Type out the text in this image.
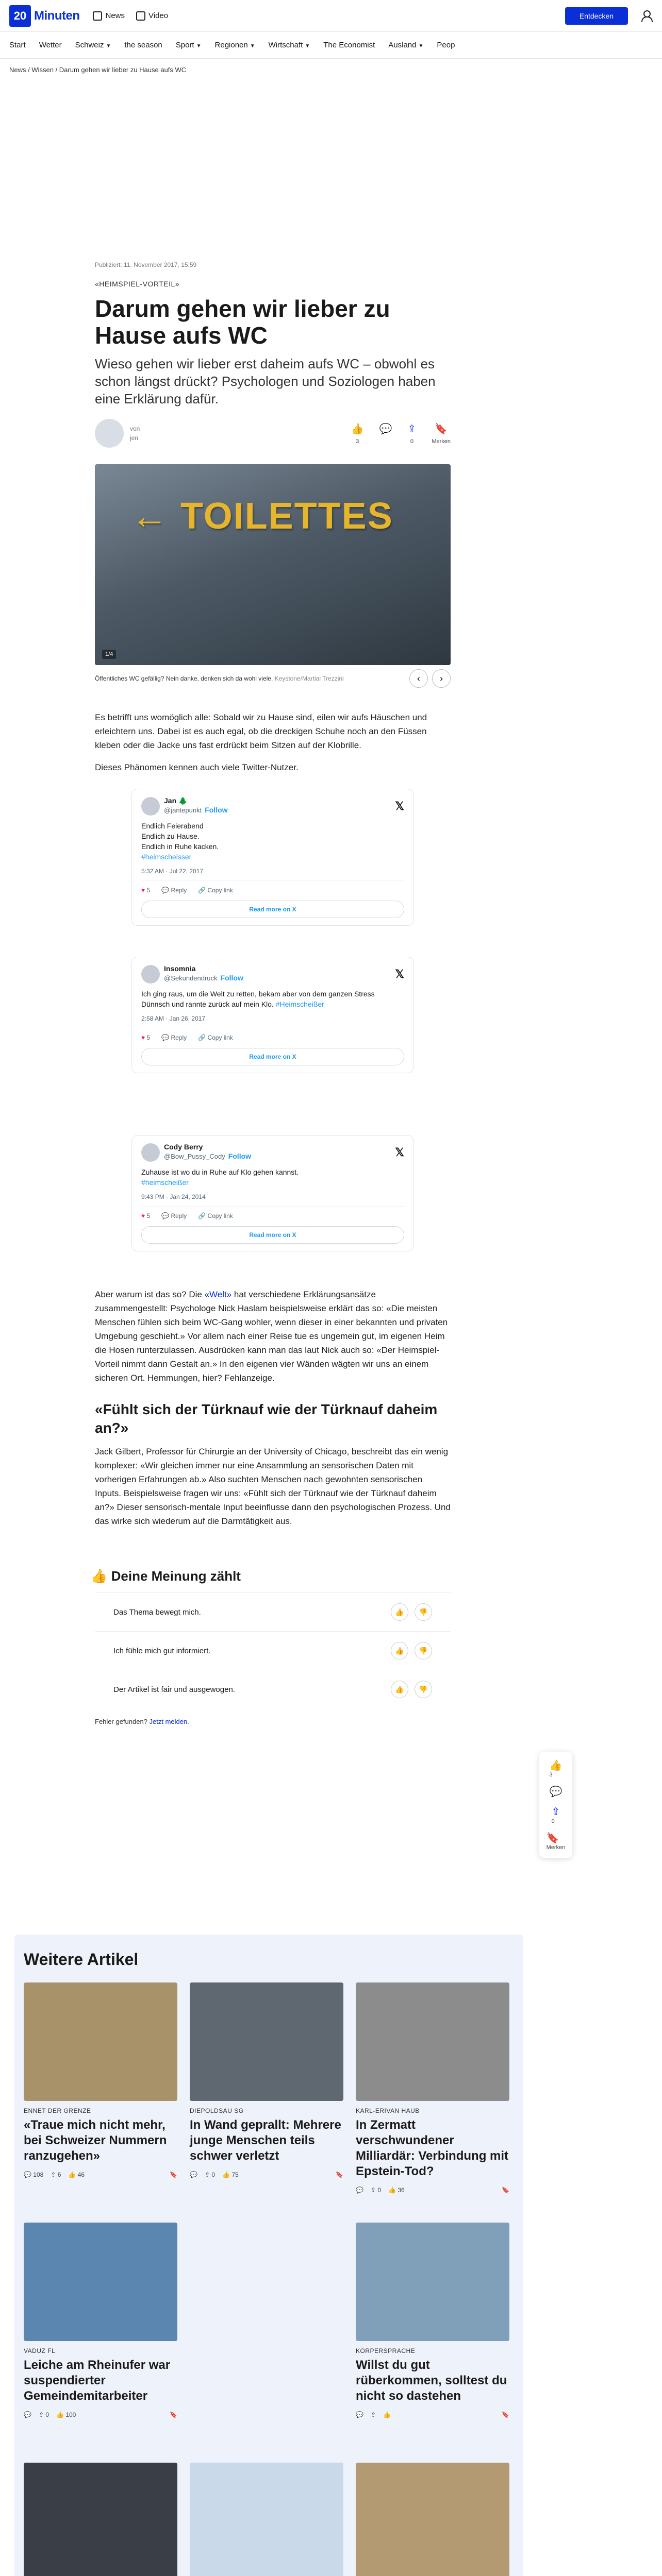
20 Minuten	News	Video	Entdecken
Start Wetter Schweiz ▼ the season Sport ▼ Regionen ▼ Wirtschaft ▼ The Economist Ausland ▼ Peop
News / Wissen / Darum gehen wir lieber zu Hause aufs WC
Publiziert: 11. November 2017, 15:59
«HEIMSPIEL-VORTEIL»
Darum gehen wir lieber zu Hause aufs WC

Wieso gehen wir lieber erst daheim aufs WC – obwohl es schon längst drückt? Psychologen und Soziologen haben eine Erklärung dafür.

von
jen
👍
3
💬 ⇪
0
🔖
Merken
← TOILETTES
1/4
Öffentliches WC gefällig? Nein danke, denken sich da wohl viele. Keystone/Martial Trezzini	‹	›

Es betrifft uns womöglich alle: Sobald wir zu Hause sind, eilen wir aufs Häuschen und erleichtern uns. Dabei ist es auch egal, ob die dreckigen Schuhe noch an den Füssen kleben oder die Jacke uns fast erdrückt beim Sitzen auf der Klobrille.

Dieses Phänomen kennen auch viele Twitter-Nutzer.

Jan 🌲
@jantepunkt Follow	𝕏
Endlich Feierabend
Endlich zu Hause.
Endlich in Ruhe kacken.
#heimscheisser
5:32 AM · Jul 22, 2017
♥ 5 💬 Reply 🔗 Copy link
Read more on X
Insomnia
@Sekundendruck Follow	𝕏
Ich ging raus, um die Welt zu retten, bekam aber von dem ganzen Stress Dünnsch und rannte zurück auf mein Klo. #Heimscheißer
2:58 AM · Jan 26, 2017
♥ 5 💬 Reply 🔗 Copy link
Read more on X
Cody Berry
@Bow_Pussy_Cody Follow	𝕏
Zuhause ist wo du in Ruhe auf Klo gehen kannst.
#heimscheißer
9:43 PM · Jan 24, 2014
♥ 5 💬 Reply 🔗 Copy link
Read more on X

Aber warum ist das so? Die «Welt» hat verschiedene Erklärungsansätze zusammengestellt: Psychologe Nick Haslam beispielsweise erklärt das so: «Die meisten Menschen fühlen sich beim WC-Gang wohler, wenn dieser in einer bekannten und privaten Umgebung geschieht.» Vor allem nach einer Reise tue es ungemein gut, im eigenen Heim die Hosen runterzulassen. Ausdrücken kann man das laut Nick auch so: «Der Heimspiel-Vorteil nimmt dann Gestalt an.» In den eigenen vier Wänden wägten wir uns an einem sicheren Ort. Hemmungen, hier? Fehlanzeige.

«Fühlt sich der Türknauf wie der Türknauf daheim an?»

Jack Gilbert, Professor für Chirurgie an der University of Chicago, beschreibt das ein wenig komplexer: «Wir gleichen immer nur eine Ansammlung an sensorischen Daten mit vorherigen Erfahrungen ab.» Also suchten Menschen nach gewohnten sensorischen Inputs. Beispielsweise fragen wir uns: «Fühlt sich der Türknauf wie der Türknauf daheim an?» Dieser sensorisch-mentale Input beeinflusse dann den psychologischen Prozess. Und das wirke sich wiederum auf die Darmtätigkeit aus.

👍 Deine Meinung zählt
Das Thema bewegt mich.	👍	👎
Ich fühle mich gut informiert.	👍	👎
Der Artikel ist fair und ausgewogen.	👍	👎
Fehler gefunden? Jetzt melden.
👍
3
💬
⇪
0
🔖
Merken
Weitere Artikel
ENNET DER GRENZE
«Traue mich nicht mehr, bei Schweizer Nummern ranzugehen»
💬 108 ⇪ 6 👍 46	🔖
DIEPOLDSAU SG
In Wand geprallt: Mehrere junge Menschen teils schwer verletzt
💬 ⇪ 0 👍 75	🔖
KARL-ERIVAN HAUB
In Zermatt verschwundener Milliardär: Verbindung mit Epstein-Tod?
💬 ⇪ 0 👍 36	🔖
VADUZ FL
Leiche am Rheinufer war suspendierter Gemeindemitarbeiter
💬 ⇪ 0 👍 100	🔖
KÖRPERSPRACHE
Willst du gut rüberkommen, solltest du nicht so dastehen
💬 ⇪ 👍	🔖
